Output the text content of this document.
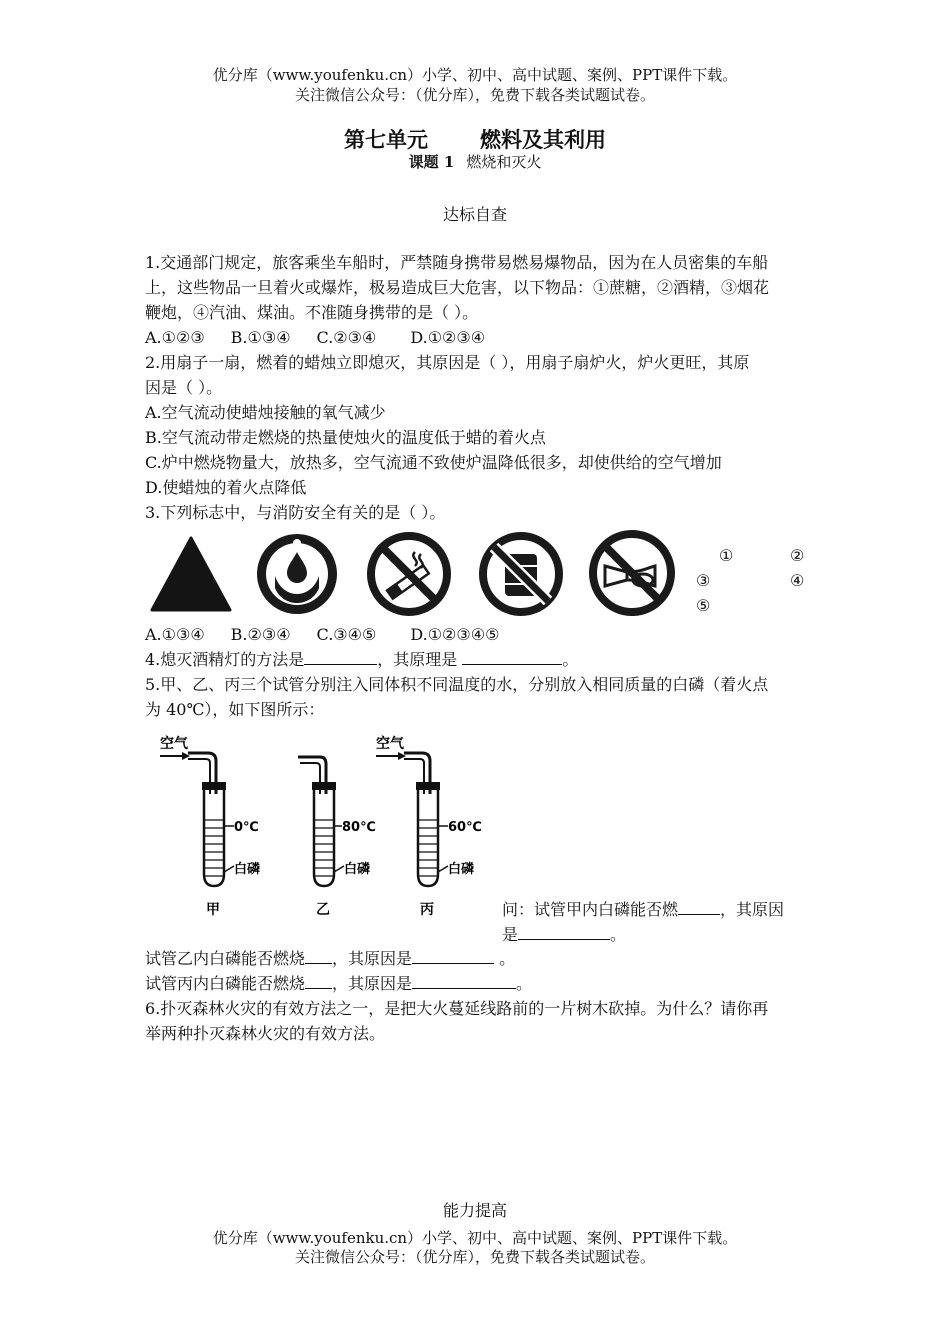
优分库（www.youfenku.cn）小学、初中、高中试题、案例、PPT课件下载。
关注微信公众号：（优分库），免费下载各类试题试卷。
第七单元 燃料及其利用
课题 1 燃烧和灭火
达标自查
1.交通部门规定，旅客乘坐车船时，严禁随身携带易燃易爆物品，因为在人员密集的车船
上，这些物品一旦着火或爆炸，极易造成巨大危害，以下物品：①蔗糖，②酒精，③烟花
鞭炮，④汽油、煤油。不准随身携带的是（ ）。
A.①②③ B.①③④ C.②③④ D.①②③④
2.用扇子一扇，燃着的蜡烛立即熄灭，其原因是（ ），用扇子扇炉火，炉火更旺，其原
因是（ ）。
A.空气流动使蜡烛接触的氧气减少
B.空气流动带走燃烧的热量使烛火的温度低于蜡的着火点
C.炉中燃烧物量大，放热多，空气流通不致使炉温降低很多，却使供给的空气增加
D.使蜡烛的着火点降低
3.下列标志中，与消防安全有关的是（ ）。
①	②
③	④
⑤
A.①③④ B.②③④ C.③④⑤ D.①②③④⑤
4.熄灭酒精灯的方法是	，其原理是	。
5.甲、乙、丙三个试管分别注入同体积不同温度的水，分别放入相同质量的白磷（着火点
为 40℃），如下图所示：
空气
0℃
白磷
甲
80℃
白磷
乙
空气
60℃
白磷
丙	问：试管甲内白磷能否燃	，其原因
是	。
试管乙内白磷能否燃烧 ，其原因是	。
试管丙内白磷能否燃烧 ，其原因是	。
6.扑灭森林火灾的有效方法之一，是把大火蔓延线路前的一片树木砍掉。为什么？请你再
举两种扑灭森林火灾的有效方法。
能力提高
优分库（www.youfenku.cn）小学、初中、高中试题、案例、PPT课件下载。
关注微信公众号：（优分库），免费下载各类试题试卷。
